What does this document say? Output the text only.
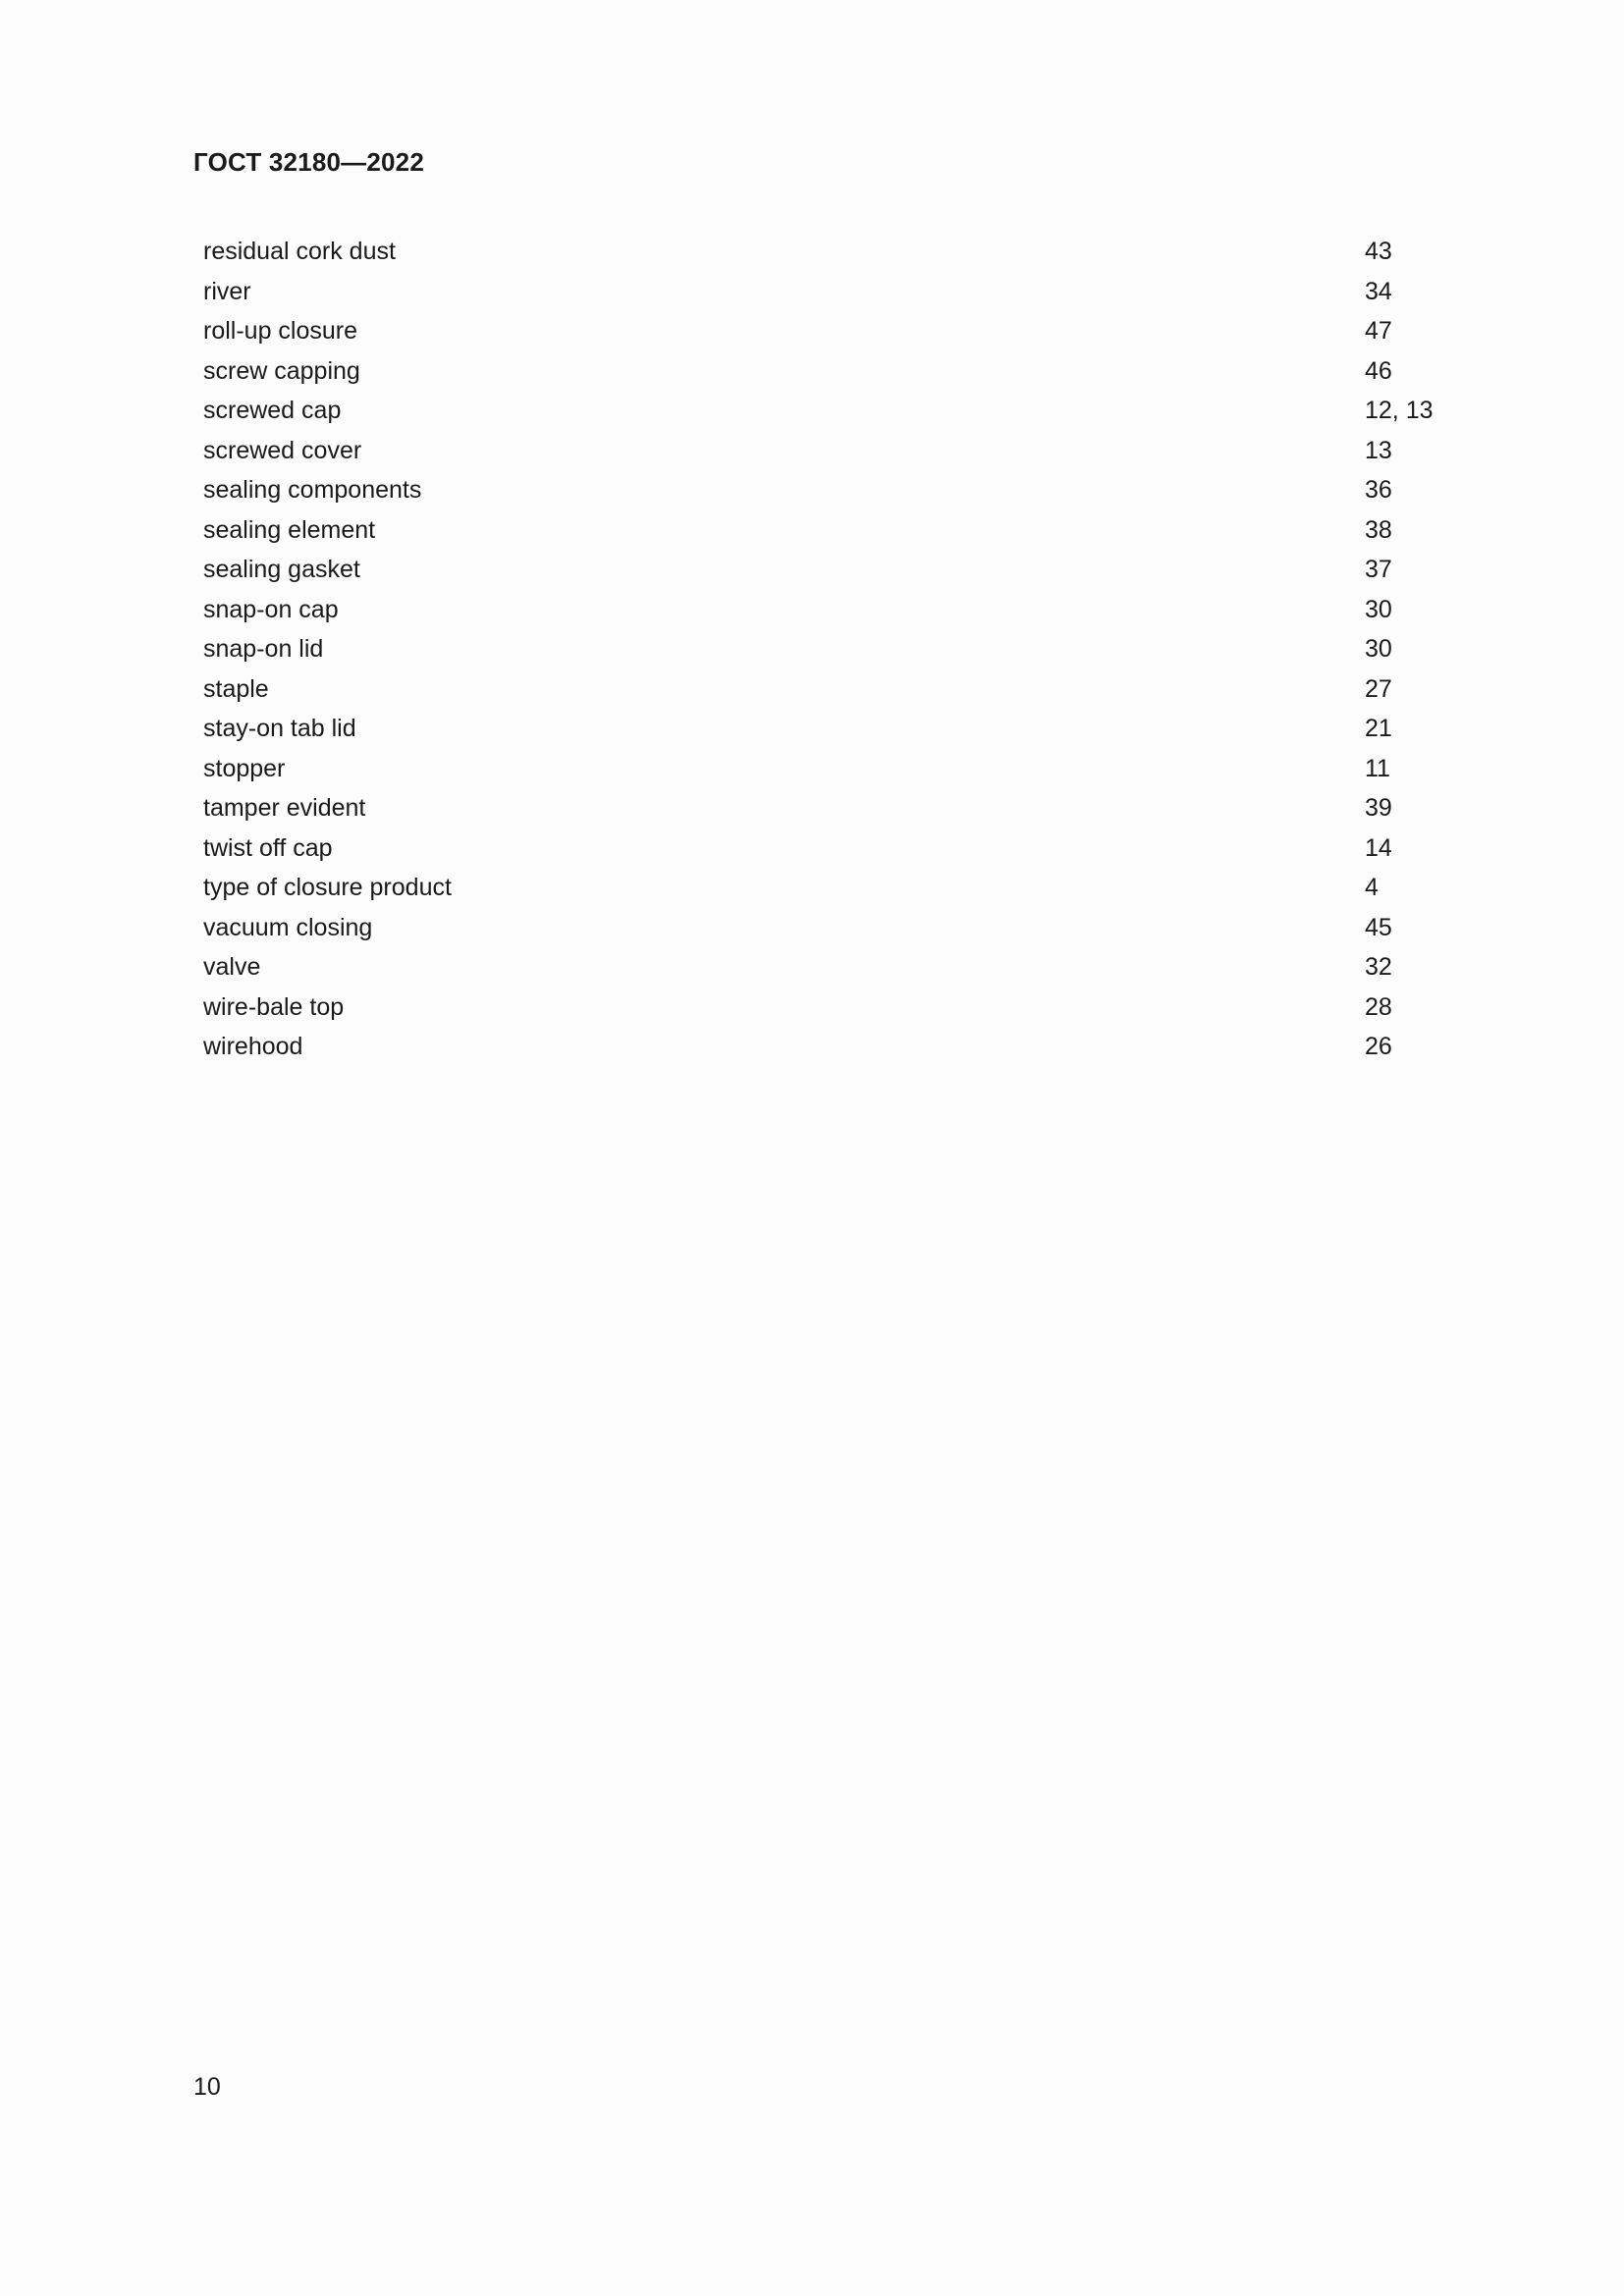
ГОСТ 32180—2022
residual cork dust	43
river	34
roll-up closure	47
screw capping	46
screwed cap	12, 13
screwed cover	13
sealing components	36
sealing element	38
sealing gasket	37
snap-on cap	30
snap-on lid	30
staple	27
stay-on tab lid	21
stopper	11
tamper evident	39
twist off cap	14
type of closure product	4
vacuum closing	45
valve	32
wire-bale top	28
wirehood	26

10
